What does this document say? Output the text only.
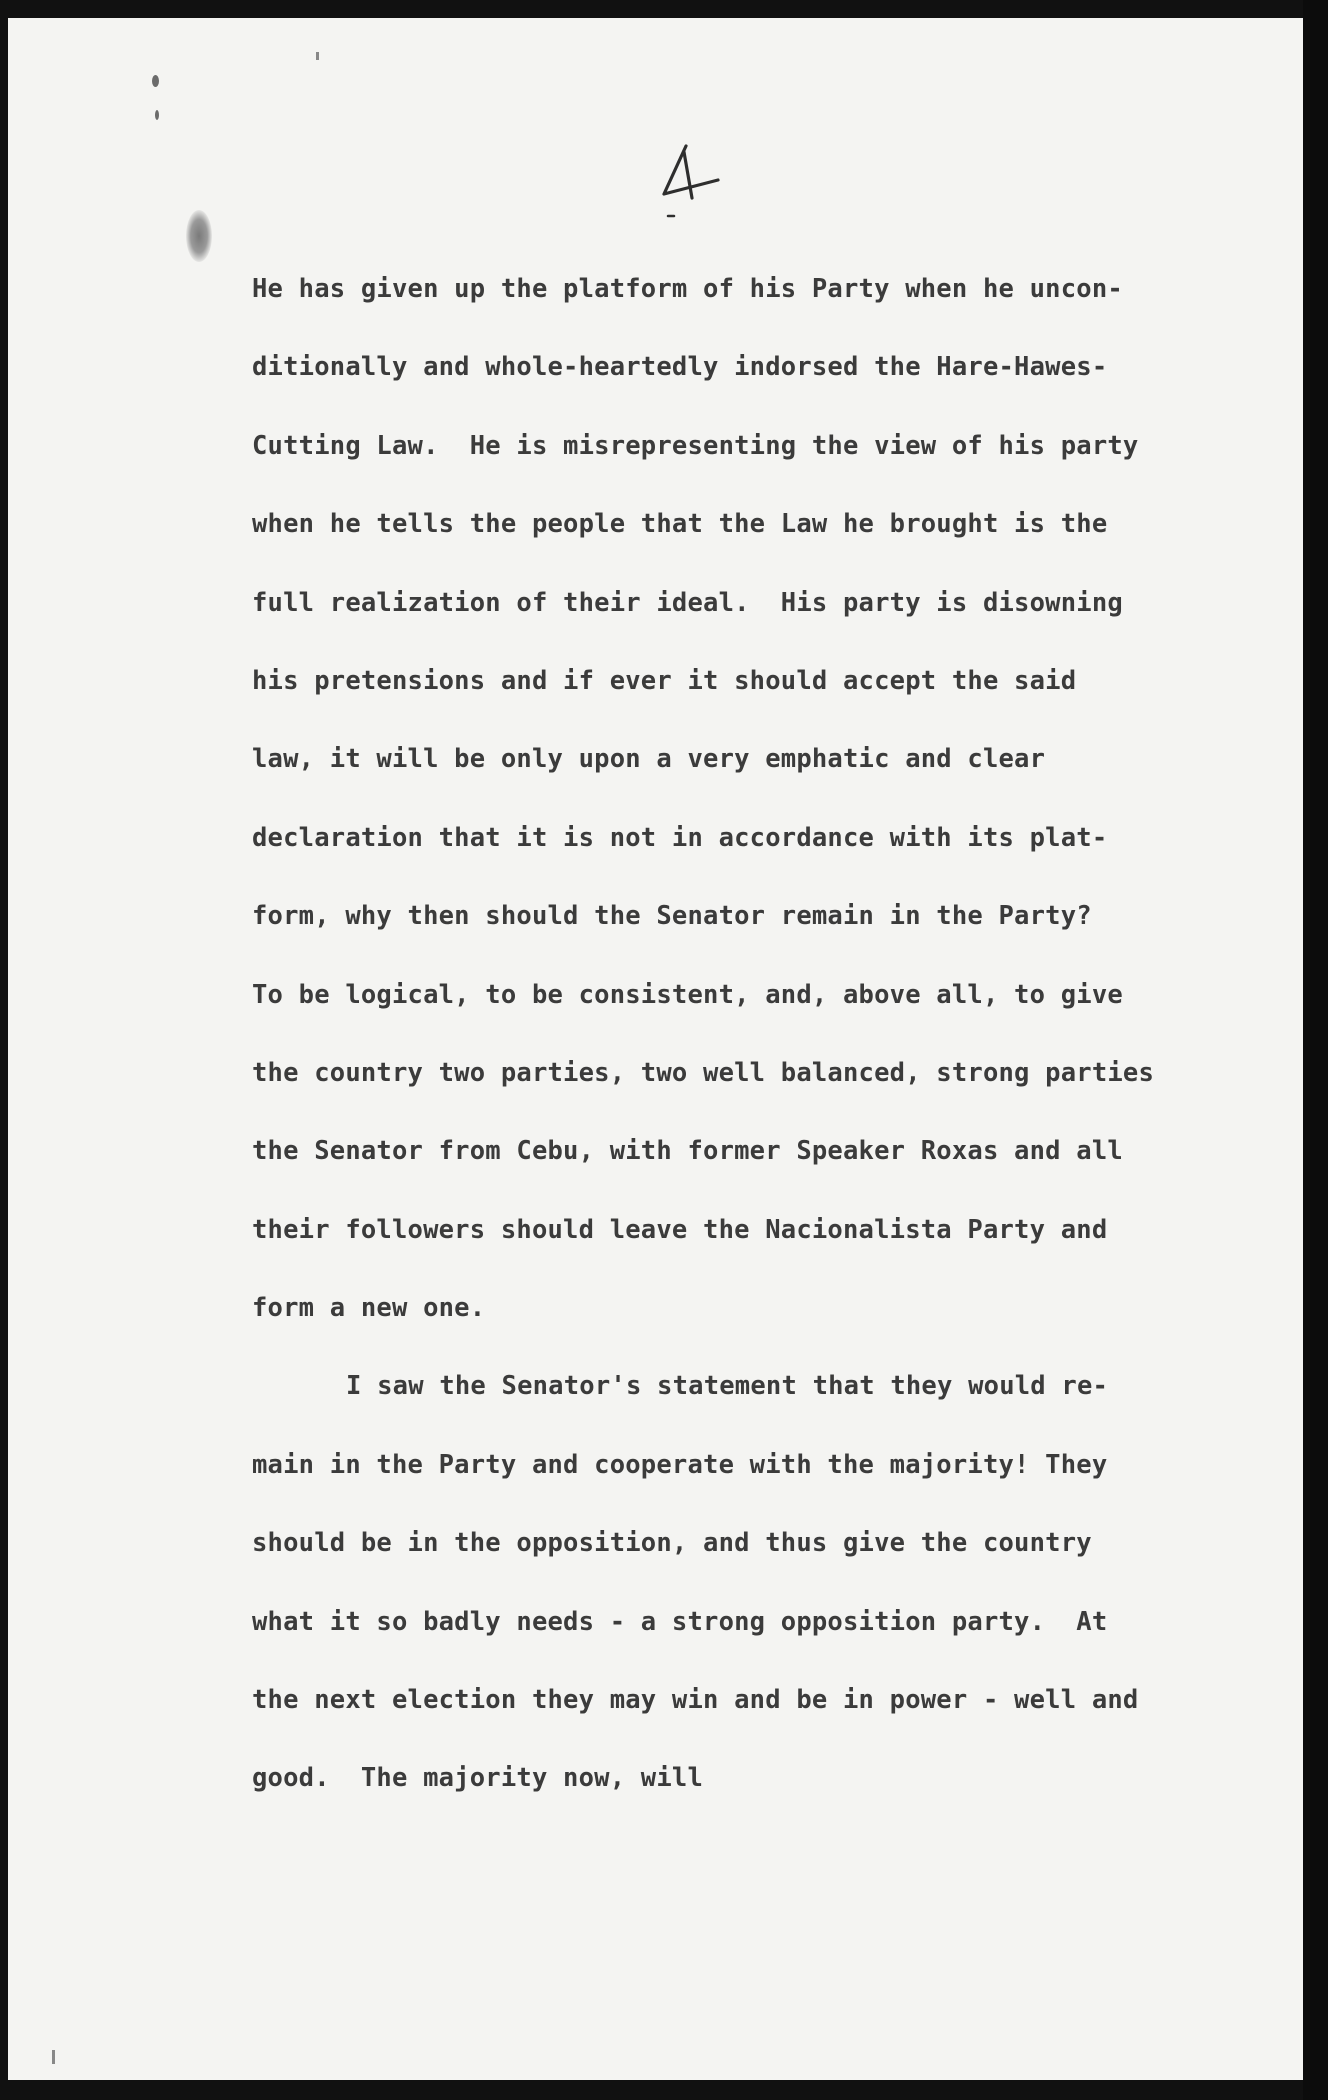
He has given up the platform of his Party when he uncon-
ditionally and whole-heartedly indorsed the Hare-Hawes-
Cutting Law.  He is misrepresenting the view of his party
when he tells the people that the Law he brought is the
full realization of their ideal.  His party is disowning
his pretensions and if ever it should accept the said
law, it will be only upon a very emphatic and clear
declaration that it is not in accordance with its plat-
form, why then should the Senator remain in the Party?
To be logical, to be consistent, and, above all, to give
the country two parties, two well balanced, strong parties
the Senator from Cebu, with former Speaker Roxas and all
their followers should leave the Nacionalista Party and
form a new one.
I saw the Senator's statement that they would re-
main in the Party and cooperate with the majority! They
should be in the opposition, and thus give the country
what it so badly needs - a strong opposition party.  At
the next election they may win and be in power - well and
good.  The majority now, will
